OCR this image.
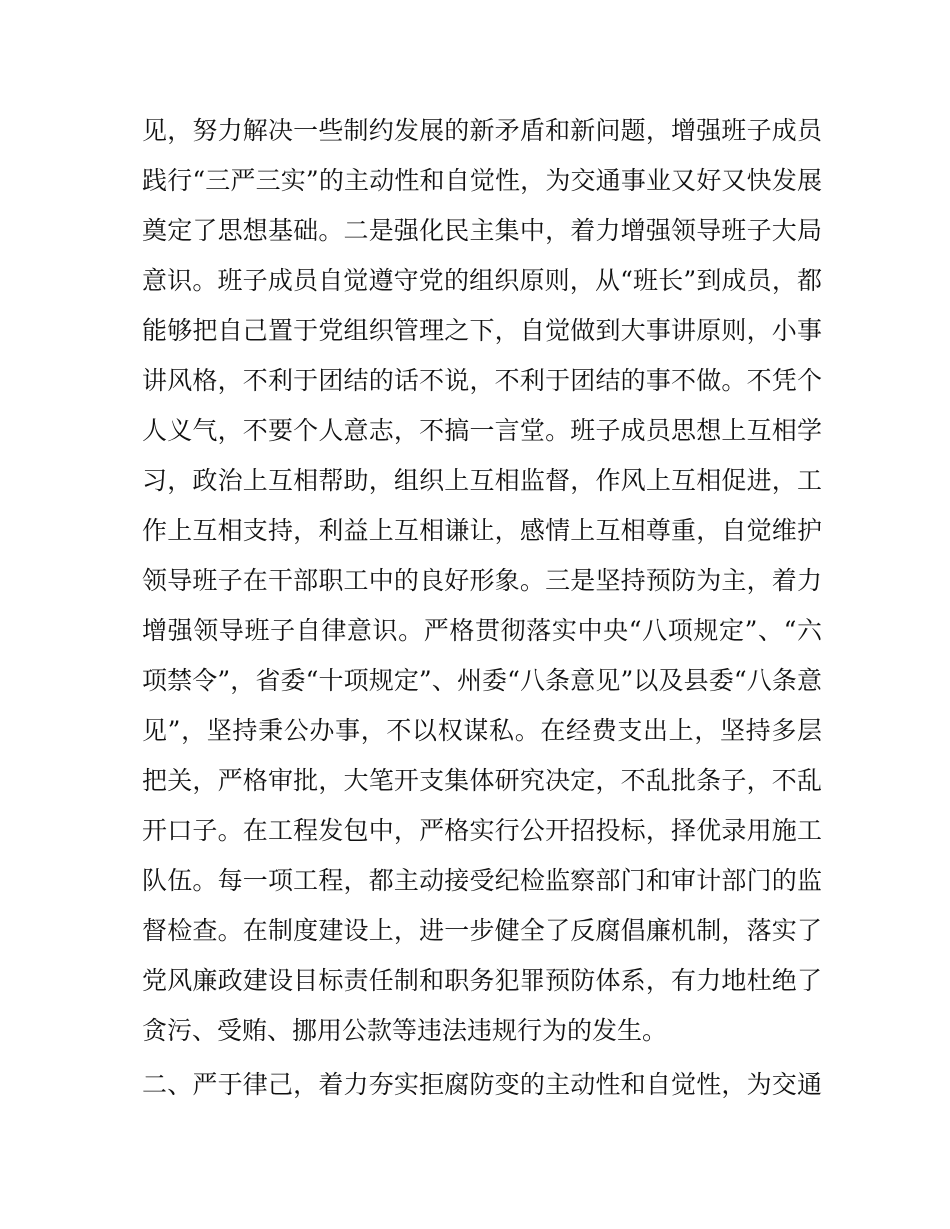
见，努力解决一些制约发展的新矛盾和新问题，增强班子成员
践行“三严三实”的主动性和自觉性，为交通事业又好又快发展
奠定了思想基础。二是强化民主集中，着力增强领导班子大局
意识。班子成员自觉遵守党的组织原则，从“班长”到成员，都
能够把自己置于党组织管理之下，自觉做到大事讲原则，小事
讲风格，不利于团结的话不说，不利于团结的事不做。不凭个
人义气，不要个人意志，不搞一言堂。班子成员思想上互相学
习，政治上互相帮助，组织上互相监督，作风上互相促进，工
作上互相支持，利益上互相谦让，感情上互相尊重，自觉维护
领导班子在干部职工中的良好形象。三是坚持预防为主，着力
增强领导班子自律意识。严格贯彻落实中央“八项规定”、“六
项禁令”，省委“十项规定”、州委“八条意见”以及县委“八条意
见”，坚持秉公办事，不以权谋私。在经费支出上，坚持多层
把关，严格审批，大笔开支集体研究决定，不乱批条子，不乱
开口子。在工程发包中，严格实行公开招投标，择优录用施工
队伍。每一项工程，都主动接受纪检监察部门和审计部门的监
督检查。在制度建设上，进一步健全了反腐倡廉机制，落实了
党风廉政建设目标责任制和职务犯罪预防体系，有力地杜绝了
贪污、受贿、挪用公款等违法违规行为的发生。
二、严于律己，着力夯实拒腐防变的主动性和自觉性，为交通
